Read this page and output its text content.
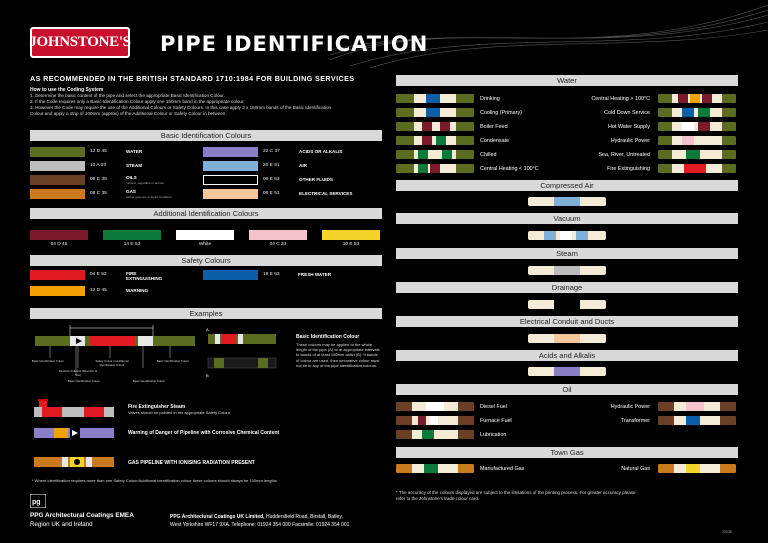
JOHNSTONE'S PIPE IDENTIFICATION
AS RECOMMENDED IN THE BRITISH STANDARD 1710:1984 FOR BUILDING SERVICES
How to use the Coding System
1. Determine the basic content of the pipe and select the appropriate Basic Identification Colour.
2. If the Code requires only a Basic Identification Colour apply one 150mm band in the appropriate colour.
3. However the Code may require the use of the Additional Colours or Safety Colours. In this case apply 2 x 150mm bands of the Basic Identification
Colour and apply a strip of 100mm (approx) of the Additional Colour or Safety Colour in between.
Basic Identification Colours
12 D 45	WATER
10 A 03	STEAM
06 C 39	OILS
mineral, vegetable or animal
08 C 35	GAS
(either gaseous or liquid condition)
22 C 37	ACIDS OR ALKALIS
20 E 51	AIR
00 E 53	OTHER FLUIDS
06 E 51	ELECTRICAL SERVICES
Additional Identification Colours
04 D 45	14 E 53	White	04 C 33	10 E 53
Safety Colours
04 E 53	FIRE EXTINGUISHING
18 E 53	FRESH WATER
12 D 45	WARNING
Examples
A
B
Basic Identification Colour	Safety Colour or Additional Identification Colour
Basic Identification Colour
Direction Indicator (Direction of flow)
Basic Identification Colour	Basic Identification Colour
Basic Identification Colour
These colours may be applied to the whole length of the pipe (A) or at appropriate intervals to bands of at least 150mm width (B). If bands of colour are used, then decorative colour must not be in any of the pipe identification colours.
Fire Extinguisher Steam
Valves should be painted in the appropriate Safety Colour
Warning of Danger of Pipeline with Corrosive Chemical Content
GAS PIPELINE WITH IONISING RADIATION PRESENT
* Where identification requires more than one Safety Colour/Additional identification colour these colours should always be 100mm lengths.
Water
Drinking	Central Heating > 100°C
Cooling (Primary)	Cold Down Service
Boiler Feed	Hot Water Supply
Condensate	Hydraulic Power
Chilled	Sea, River, Untreated
Central Heating < 100°C	Fire Extinguishing
Compressed Air
Vacuum
Steam
Drainage
Electrical Conduit and Ducts
Acids and Alkalis
Oil
Diesel Fuel	Hydraulic Power
Furnace Fuel	Transformer
Lubrication
Town Gas
Manufactured Gas	Natural Gas
* The accuracy of the colours displayed are subject to the limitations of the printing process. For greater accuracy please refer to the Johnstone's trade colour card.
pg
PPG Architectural Coatings EMEA
Region UK and Ireland
PPG Architectural Coatings UK Limited, Huddersfield Road, Birstall, Batley,
West Yorkshire WF17 9XA. Telephone: 01924 354 000 Facsimile: 01924 354 001
20038
